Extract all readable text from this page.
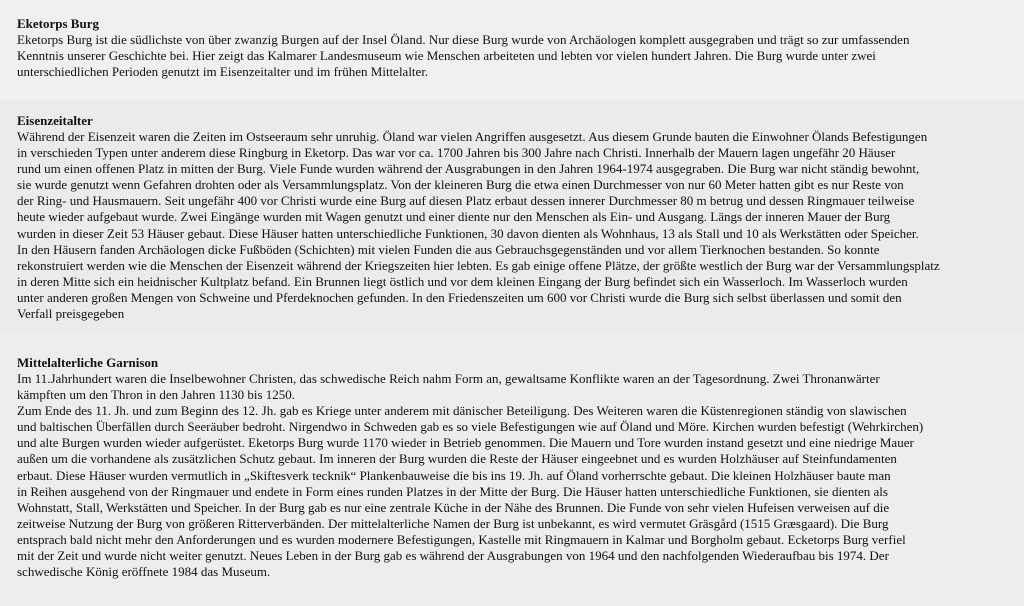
Eketorps Burg

Eketorps Burg ist die südlichste von über zwanzig Burgen auf der Insel Öland. Nur diese Burg wurde von Archäologen komplett ausgegraben und trägt so zur umfassenden

Kenntnis unserer Geschichte bei. Hier zeigt das Kalmarer Landesmuseum wie Menschen arbeiteten und lebten vor vielen hundert Jahren. Die Burg wurde unter zwei

unterschiedlichen Perioden genutzt im Eisenzeitalter und im frühen Mittelalter.

Eisenzeitalter

Während der Eisenzeit waren die Zeiten im Ostseeraum sehr unruhig. Öland war vielen Angriffen ausgesetzt. Aus diesem Grunde bauten die Einwohner Ölands Befestigungen

in verschieden Typen unter anderem diese Ringburg in Eketorp. Das war vor ca. 1700 Jahren bis 300 Jahre nach Christi. Innerhalb der Mauern lagen ungefähr 20 Häuser

rund um einen offenen Platz in mitten der Burg. Viele Funde wurden während der Ausgrabungen in den Jahren 1964-1974 ausgegraben. Die Burg war nicht ständig bewohnt,

sie wurde genutzt wenn Gefahren drohten oder als Versammlungsplatz. Von der kleineren Burg die etwa einen Durchmesser von nur 60 Meter hatten gibt es nur Reste von

der Ring- und Hausmauern. Seit ungefähr 400 vor Christi wurde eine Burg auf diesen Platz erbaut dessen innerer Durchmesser 80 m betrug und dessen Ringmauer teilweise

heute wieder aufgebaut wurde. Zwei Eingänge wurden mit Wagen genutzt und einer diente nur den Menschen als Ein- und Ausgang. Längs der inneren Mauer der Burg

wurden in dieser Zeit 53 Häuser gebaut. Diese Häuser hatten unterschiedliche Funktionen, 30 davon dienten als Wohnhaus, 13 als Stall und 10 als Werkstätten oder Speicher.

In den Häusern fanden Archäologen dicke Fußböden (Schichten) mit vielen Funden die aus Gebrauchsgegenständen und vor allem Tierknochen bestanden. So konnte

rekonstruiert werden wie die Menschen der Eisenzeit während der Kriegszeiten hier lebten. Es gab einige offene Plätze, der größte westlich der Burg war der Versammlungsplatz

in deren Mitte sich ein heidnischer Kultplatz befand. Ein Brunnen liegt östlich und vor dem kleinen Eingang der Burg befindet sich ein Wasserloch. Im Wasserloch wurden

unter anderen großen Mengen von Schweine und Pferdeknochen gefunden. In den Friedenszeiten um 600 vor Christi wurde die Burg sich selbst überlassen und somit den

Verfall preisgegeben

Mittelalterliche Garnison

Im 11.Jahrhundert waren die Inselbewohner Christen, das schwedische Reich nahm Form an, gewaltsame Konflikte waren an der Tagesordnung. Zwei Thronanwärter

kämpften um den Thron in den Jahren 1130 bis 1250.

Zum Ende des 11. Jh. und zum Beginn des 12. Jh. gab es Kriege unter anderem mit dänischer Beteiligung. Des Weiteren waren die Küstenregionen ständig von slawischen

und baltischen Überfällen durch Seeräuber bedroht. Nirgendwo in Schweden gab es so viele Befestigungen wie auf Öland und Möre. Kirchen wurden befestigt (Wehrkirchen)

und alte Burgen wurden wieder aufgerüstet. Eketorps Burg wurde 1170 wieder in Betrieb genommen. Die Mauern und Tore wurden instand gesetzt und eine niedrige Mauer

außen um die vorhandene als zusätzlichen Schutz gebaut. Im inneren der Burg wurden die Reste der Häuser eingeebnet und es wurden Holzhäuser auf Steinfundamenten

erbaut. Diese Häuser wurden vermutlich in „Skiftesverk tecknik“ Plankenbauweise die bis ins 19. Jh. auf Öland vorherrschte gebaut. Die kleinen Holzhäuser baute man

in Reihen ausgehend von der Ringmauer und endete in Form eines runden Platzes in der Mitte der Burg. Die Häuser hatten unterschiedliche Funktionen, sie dienten als

Wohnstatt, Stall, Werkstätten und Speicher. In der Burg gab es nur eine zentrale Küche in der Nähe des Brunnen. Die Funde von sehr vielen Hufeisen verweisen auf die

zeitweise Nutzung der Burg von größeren Ritterverbänden. Der mittelalterliche Namen der Burg ist unbekannt, es wird vermutet Gräsgård (1515 Græsgaard). Die Burg

entsprach bald nicht mehr den Anforderungen und es wurden modernere Befestigungen, Kastelle mit Ringmauern in Kalmar und Borgholm gebaut. Ecketorps Burg verfiel

mit der Zeit und wurde nicht weiter genutzt. Neues Leben in der Burg gab es während der Ausgrabungen von 1964 und den nachfolgenden Wiederaufbau bis 1974. Der

schwedische König eröffnete 1984 das Museum.
